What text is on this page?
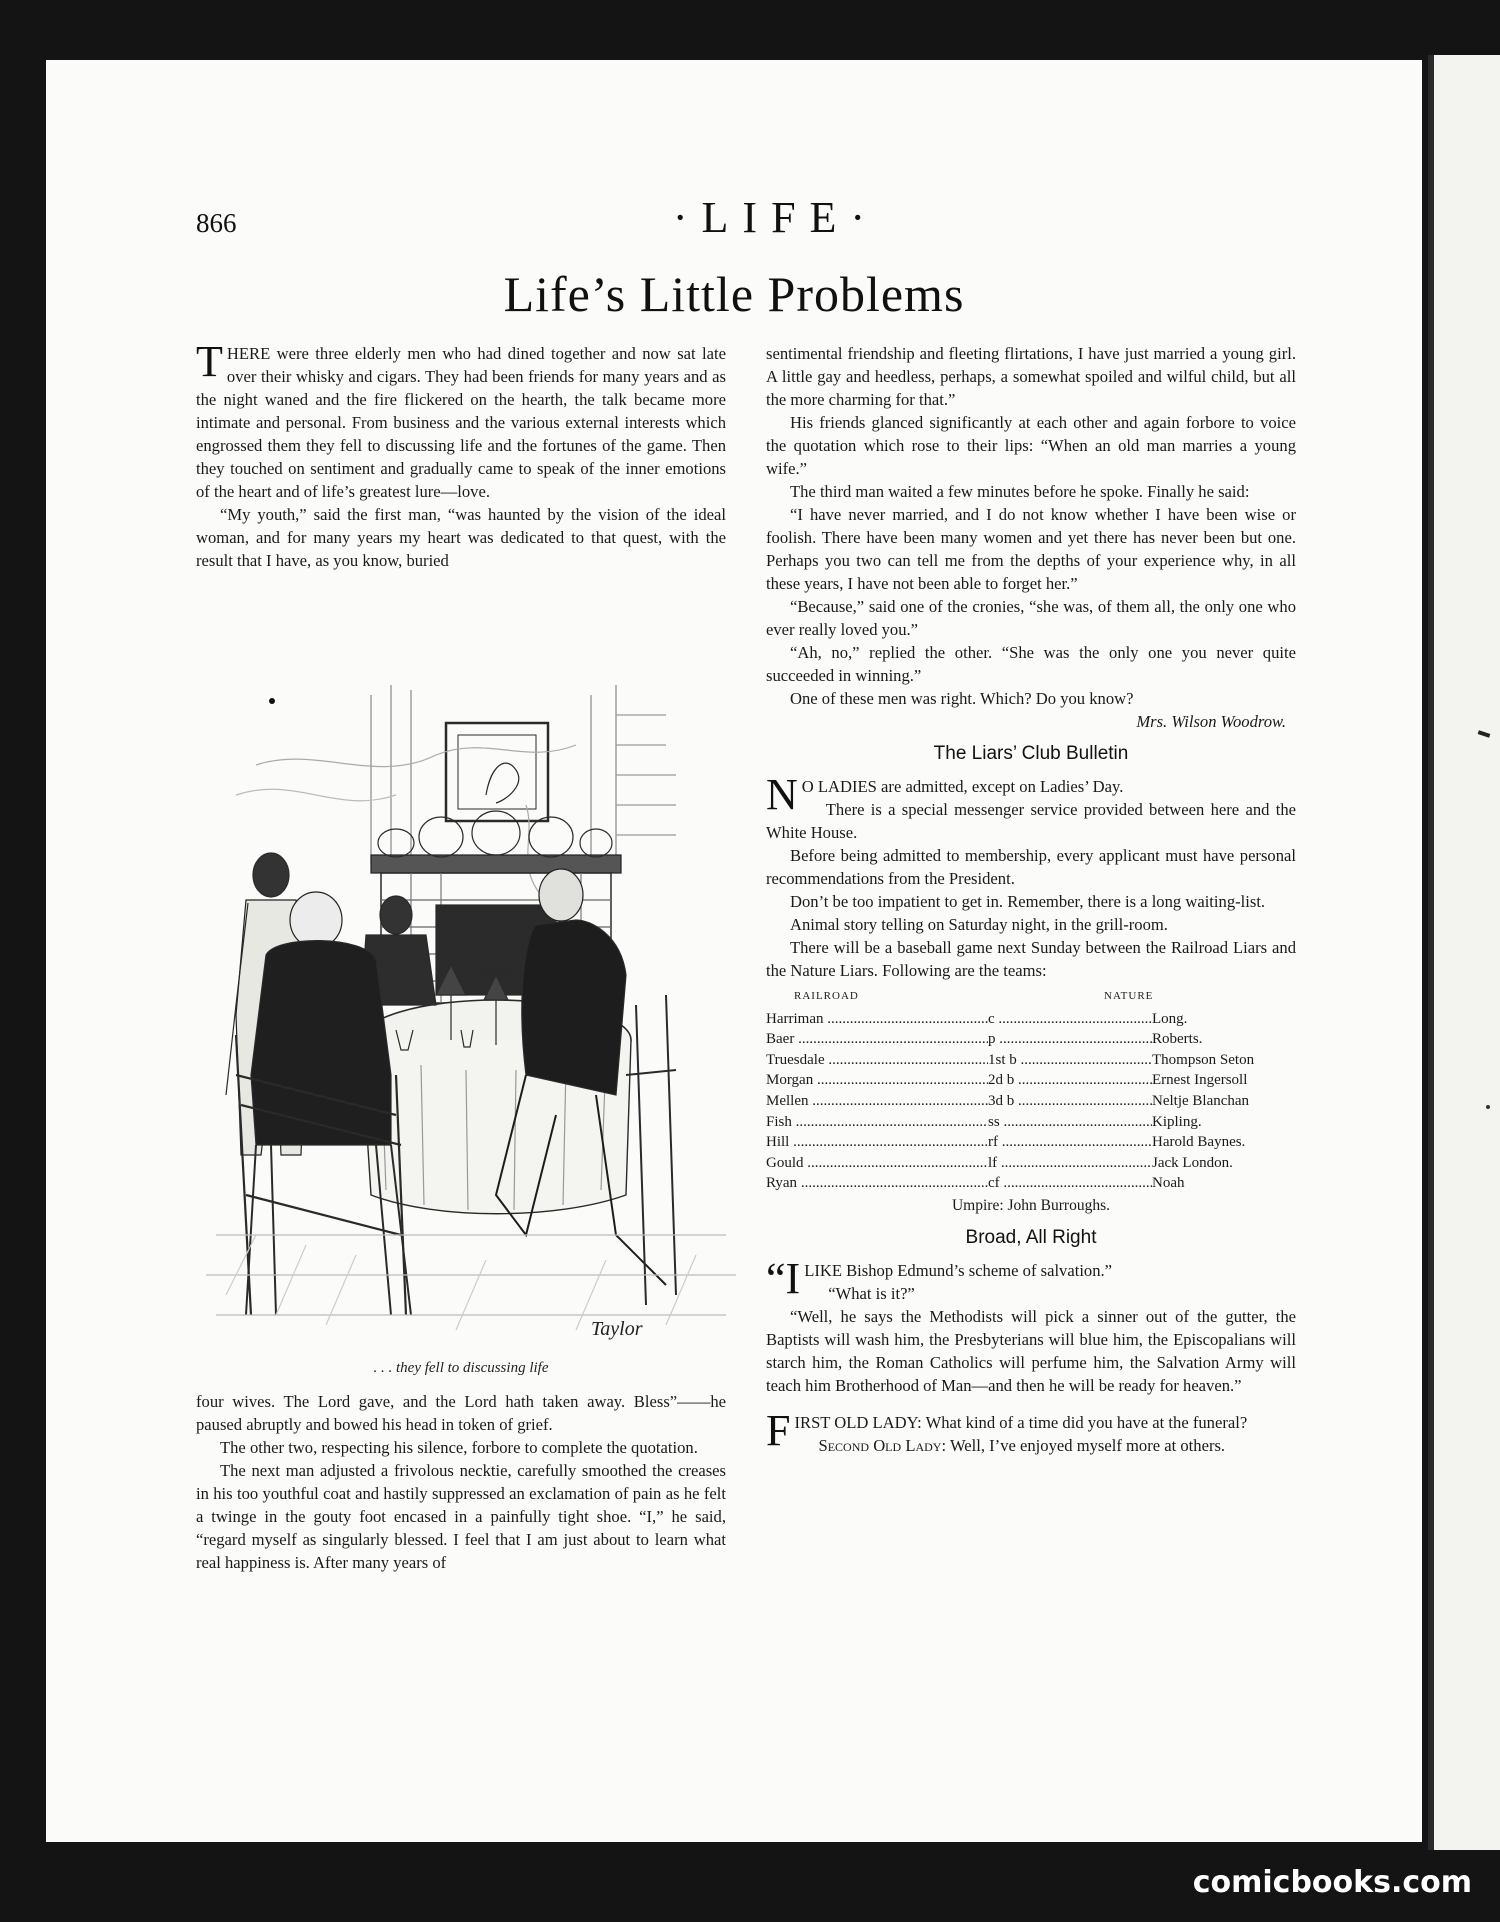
866	·LIFE·
Life’s Little Problems

THERE were three elderly men who had dined together and now sat late over their whisky and cigars. They had been friends for many years and as the night waned and the fire flickered on the hearth, the talk became more intimate and personal. From business and the various external interests which engrossed them they fell to discussing life and the fortunes of the game. Then they touched on sentiment and gradually came to speak of the inner emotions of the heart and of life’s greatest lure—love.

“My youth,” said the first man, “was haunted by the vision of the ideal woman, and for many years my heart was dedicated to that quest, with the result that I have, as you know, buried

Taylor
. . . they fell to discussing life

four wives. The Lord gave, and the Lord hath taken away. Bless”——he paused abruptly and bowed his head in token of grief.

The other two, respecting his silence, forbore to complete the quotation.

The next man adjusted a frivolous necktie, carefully smoothed the creases in his too youthful coat and hastily suppressed an exclamation of pain as he felt a twinge in the gouty foot encased in a painfully tight shoe. “I,” he said, “regard myself as singularly blessed. I feel that I am just about to learn what real happiness is. After many years of

sentimental friendship and fleeting flirtations, I have just married a young girl. A little gay and heedless, perhaps, a somewhat spoiled and wilful child, but all the more charming for that.”

His friends glanced significantly at each other and again forbore to voice the quotation which rose to their lips: “When an old man marries a young wife.”

The third man waited a few minutes before he spoke. Finally he said:

“I have never married, and I do not know whether I have been wise or foolish. There have been many women and yet there has never been but one. Perhaps you two can tell me from the depths of your experience why, in all these years, I have not been able to forget her.”

“Because,” said one of the cronies, “she was, of them all, the only one who ever really loved you.”

“Ah, no,” replied the other. “She was the only one you never quite succeeded in winning.”

One of these men was right. Which? Do you know?

Mrs. Wilson Woodrow.
The Liars’ Club Bulletin

N O LADIES are admitted, except on Ladies’ Day.

There is a special messenger service provided between here and the White House.

Before being admitted to membership, every applicant must have personal recommendations from the President.

Don’t be too impatient to get in. Remember, there is a long waiting-list.

Animal story telling on Saturday night, in the grill-room.

There will be a baseball game next Sunday between the Railroad Liars and the Nature Liars. Following are the teams:

RAILROAD	NATURE
Harriman .....	c .....	Long.
Baer .....	p .....	Roberts.
Truesdale .....	1st b .....	Thompson Seton
Morgan .....	2d b .....	Ernest Ingersoll
Mellen .....	3d b .....	Neltje Blanchan
Fish .....	ss .....	Kipling.
Hill .....	rf .....	Harold Baynes.
Gould .....	lf .....	Jack London.
Ryan .....	cf .....	Noah
Umpire: John Burroughs.
Broad, All Right

“ILIKE Bishop Edmund’s scheme of salvation.”

“What is it?”

“Well, he says the Methodists will pick a sinner out of the gutter, the Baptists will wash him, the Presbyterians will blue him, the Episcopalians will starch him, the Roman Catholics will perfume him, the Salvation Army will teach him Brotherhood of Man—and then he will be ready for heaven.”

FIRST OLD LADY: What kind of a time did you have at the funeral?

Second Old Lady: Well, I’ve enjoyed myself more at others.

comicbooks.com
